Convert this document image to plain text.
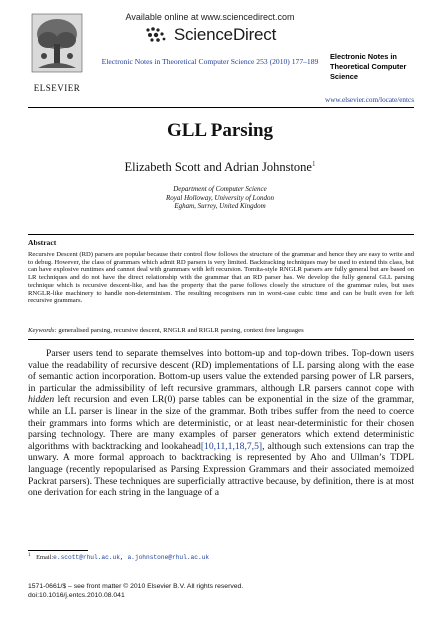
ELSEVIER
Available online at www.sciencedirect.com
ScienceDirect
Electronic Notes in Theoretical Computer Science 253 (2010) 177–189
Electronic Notes in
Theoretical Computer
Science
www.elsevier.com/locate/entcs
GLL Parsing
Elizabeth Scott and Adrian Johnstone$^1$
Department of Computer Science
Royal Holloway, University of London
Egham, Surrey, United Kingdom
Abstract
Recursive Descent (RD) parsers are popular because their control flow follows the structure of the grammar and hence they are easy to write and to debug. However, the class of grammars which admit RD parsers is very limited. Backtracking techniques may be used to extend this class, but can have explosive runtimes and cannot deal with grammars with left recursion. Tomita-style RNGLR parsers are fully general but are based on LR techniques and do not have the direct relationship with the grammar that an RD parser has. We develop the fully general GLL parsing technique which is recursive descent-like, and has the property that the parse follows closely the structure of the grammar rules, but uses RNGLR-like machinery to handle non-determinism. The resulting recognisers run in worst-case cubic time and can be built even for left recursive grammars.
Keywords: generalised parsing, recursive descent, RNGLR and RIGLR parsing, context free languages

Parser users tend to separate themselves into bottom-up and top-down tribes. Top-down users value the readability of recursive descent (RD) implementations of LL parsing along with the ease of semantic action incorporation. Bottom-up users value the extended parsing power of LR parsers, in particular the admissibility of left recursive grammars, although LR parsers cannot cope with hidden left recursion and even LR(0) parse tables can be exponential in the size of the grammar, while an LL parser is linear in the size of the grammar. Both tribes suffer from the need to coerce their grammars into forms which are deterministic, or at least near-deterministic for their chosen parsing technology. There are many examples of parser generators which extend deterministic algorithms with backtracking and lookahead[10,11,1,18,7,5], although such extensions can trap the unwary. A more formal approach to backtracking is represented by Aho and Ullman’s TDPL language (recently repopularised as Parsing Expression Grammars and their associated memoized Packrat parsers). These techniques are superficially attractive because, by definition, there is at most one derivation for each string in the language of a

$^1$ Email:e.scott@rhul.ac.uk, a.johnstone@rhul.ac.uk
1571-0661/$ – see front matter © 2010 Elsevier B.V. All rights reserved.
doi:10.1016/j.entcs.2010.08.041
